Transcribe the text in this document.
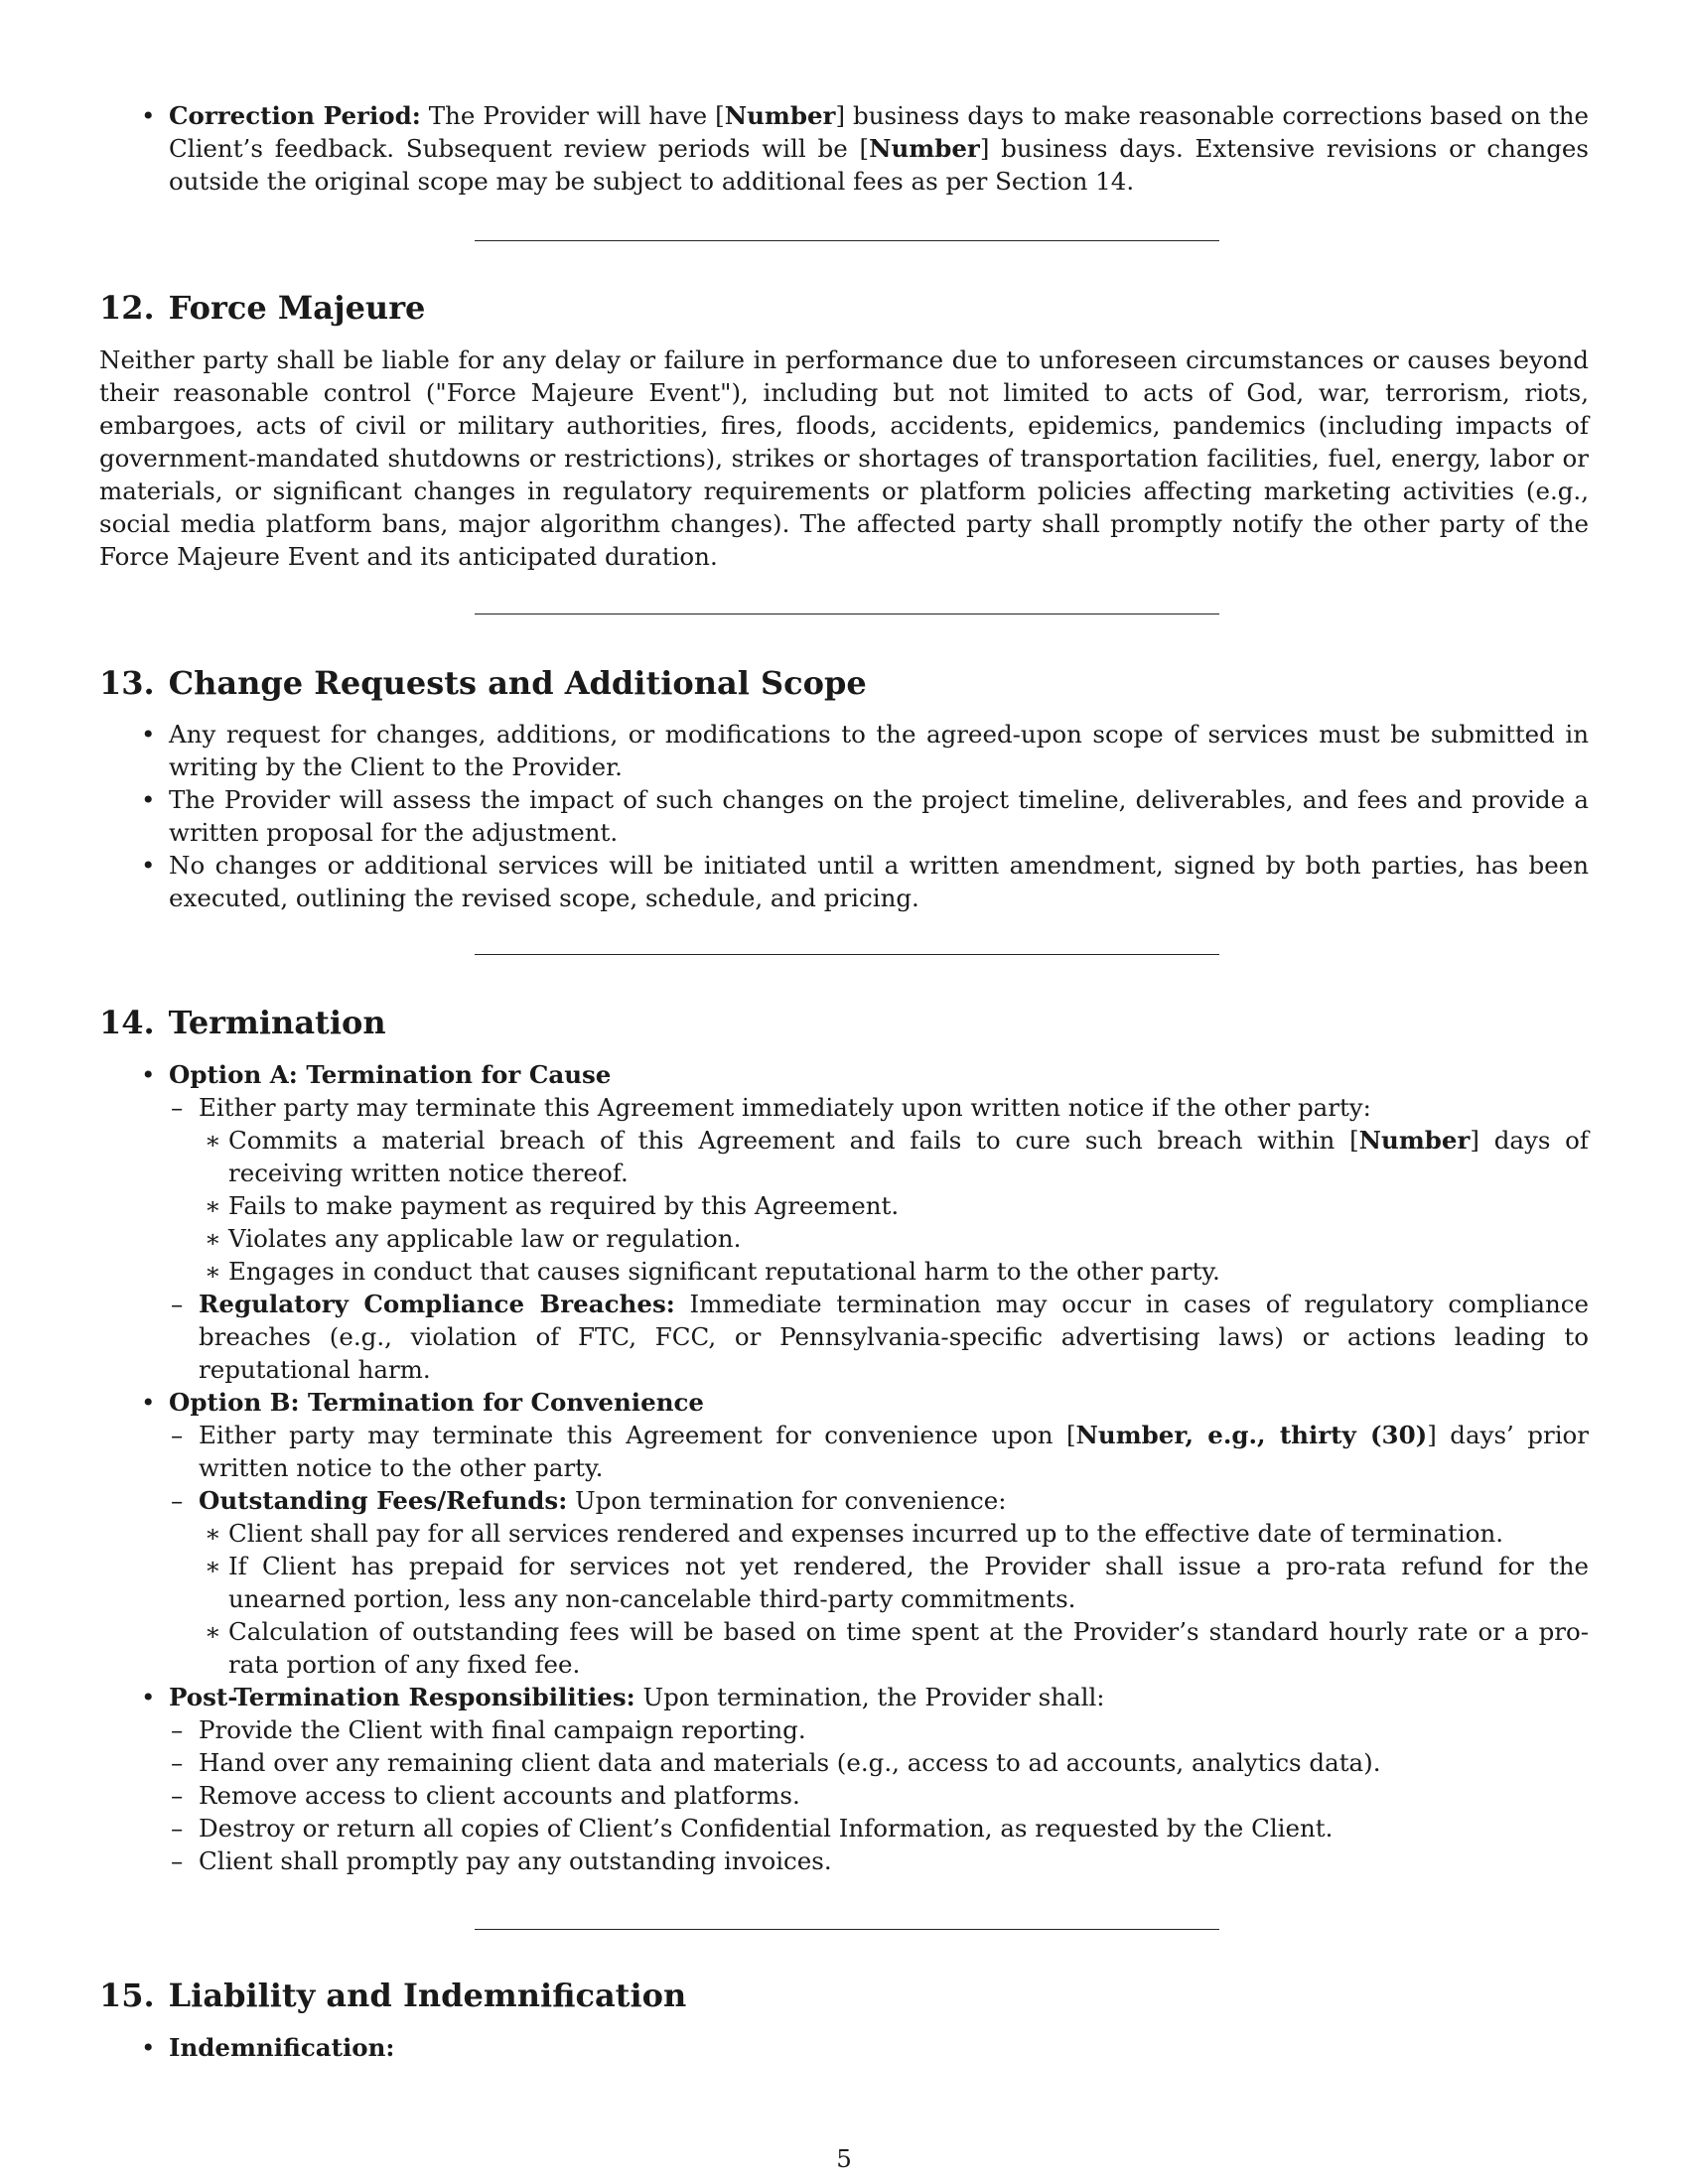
• Correction Period: The Provider will have [Number] business days to make reasonable corrections based on the Client’s feedback. Subsequent review periods will be [Number] business days. Extensive revisions or changes outside the original scope may be subject to additional fees as per Section 14.
12. Force Majeure
Neither party shall be liable for any delay or failure in performance due to unforeseen circumstances or causes beyond their reasonable control ("Force Majeure Event"), including but not limited to acts of God, war, terrorism, riots, embargoes, acts of civil or military authorities, fires, floods, accidents, epidemics, pandemics (including impacts of government-mandated shutdowns or restrictions), strikes or shortages of transportation facilities, fuel, energy, labor or materials, or significant changes in regulatory requirements or platform policies affecting marketing activities (e.g., social media platform bans, major algorithm changes). The affected party shall promptly notify the other party of the Force Majeure Event and its anticipated duration.
13. Change Requests and Additional Scope
• Any request for changes, additions, or modifications to the agreed-upon scope of services must be submitted in writing by the Client to the Provider.
• The Provider will assess the impact of such changes on the project timeline, deliverables, and fees and provide a written proposal for the adjustment.
• No changes or additional services will be initiated until a written amendment, signed by both parties, has been executed, outlining the revised scope, schedule, and pricing.
14. Termination
• Option A: Termination for Cause
– Either party may terminate this Agreement immediately upon written notice if the other party:
∗ Commits a material breach of this Agreement and fails to cure such breach within [Number] days of receiving written notice thereof.
∗ Fails to make payment as required by this Agreement.
∗ Violates any applicable law or regulation.
∗ Engages in conduct that causes significant reputational harm to the other party.
– Regulatory Compliance Breaches: Immediate termination may occur in cases of regulatory compliance breaches (e.g., violation of FTC, FCC, or Pennsylvania-specific advertising laws) or actions leading to reputational harm.
• Option B: Termination for Convenience
– Either party may terminate this Agreement for convenience upon [Number, e.g., thirty (30)] days’ prior written notice to the other party.
– Outstanding Fees/Refunds: Upon termination for convenience:
∗ Client shall pay for all services rendered and expenses incurred up to the effective date of termination.
∗ If Client has prepaid for services not yet rendered, the Provider shall issue a pro-rata refund for the unearned portion, less any non-cancelable third-party commitments.
∗ Calculation of outstanding fees will be based on time spent at the Provider’s standard hourly rate or a pro-rata portion of any fixed fee.
• Post-Termination Responsibilities: Upon termination, the Provider shall:
– Provide the Client with final campaign reporting.
– Hand over any remaining client data and materials (e.g., access to ad accounts, analytics data).
– Remove access to client accounts and platforms.
– Destroy or return all copies of Client’s Confidential Information, as requested by the Client.
– Client shall promptly pay any outstanding invoices.
15. Liability and Indemnification
• Indemnification:
5
